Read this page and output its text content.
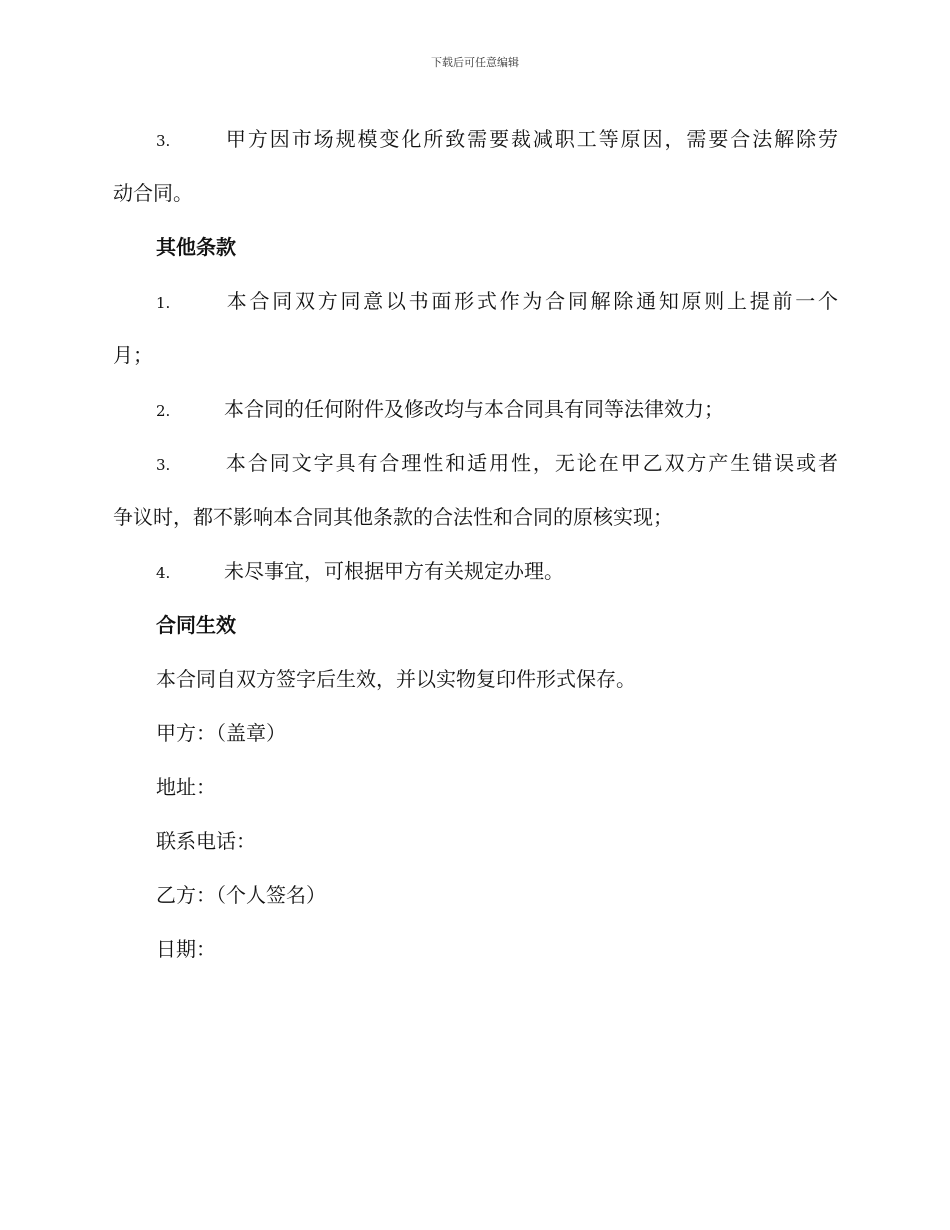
下载后可任意编辑
3.	甲方因市场规模变化所致需要裁减职工等原因，需要合法解除劳
动合同。
其他条款
1.	本合同双方同意以书面形式作为合同解除通知原则上提前一个
月；
2.	本合同的任何附件及修改均与本合同具有同等法律效力；
3.	本合同文字具有合理性和适用性，无论在甲乙双方产生错误或者
争议时，都不影响本合同其他条款的合法性和合同的原核实现；
4.	未尽事宜，可根据甲方有关规定办理。
合同生效
本合同自双方签字后生效，并以实物复印件形式保存。
甲方：（盖章）
地址：
联系电话：
乙方：（个人签名）
日期：
